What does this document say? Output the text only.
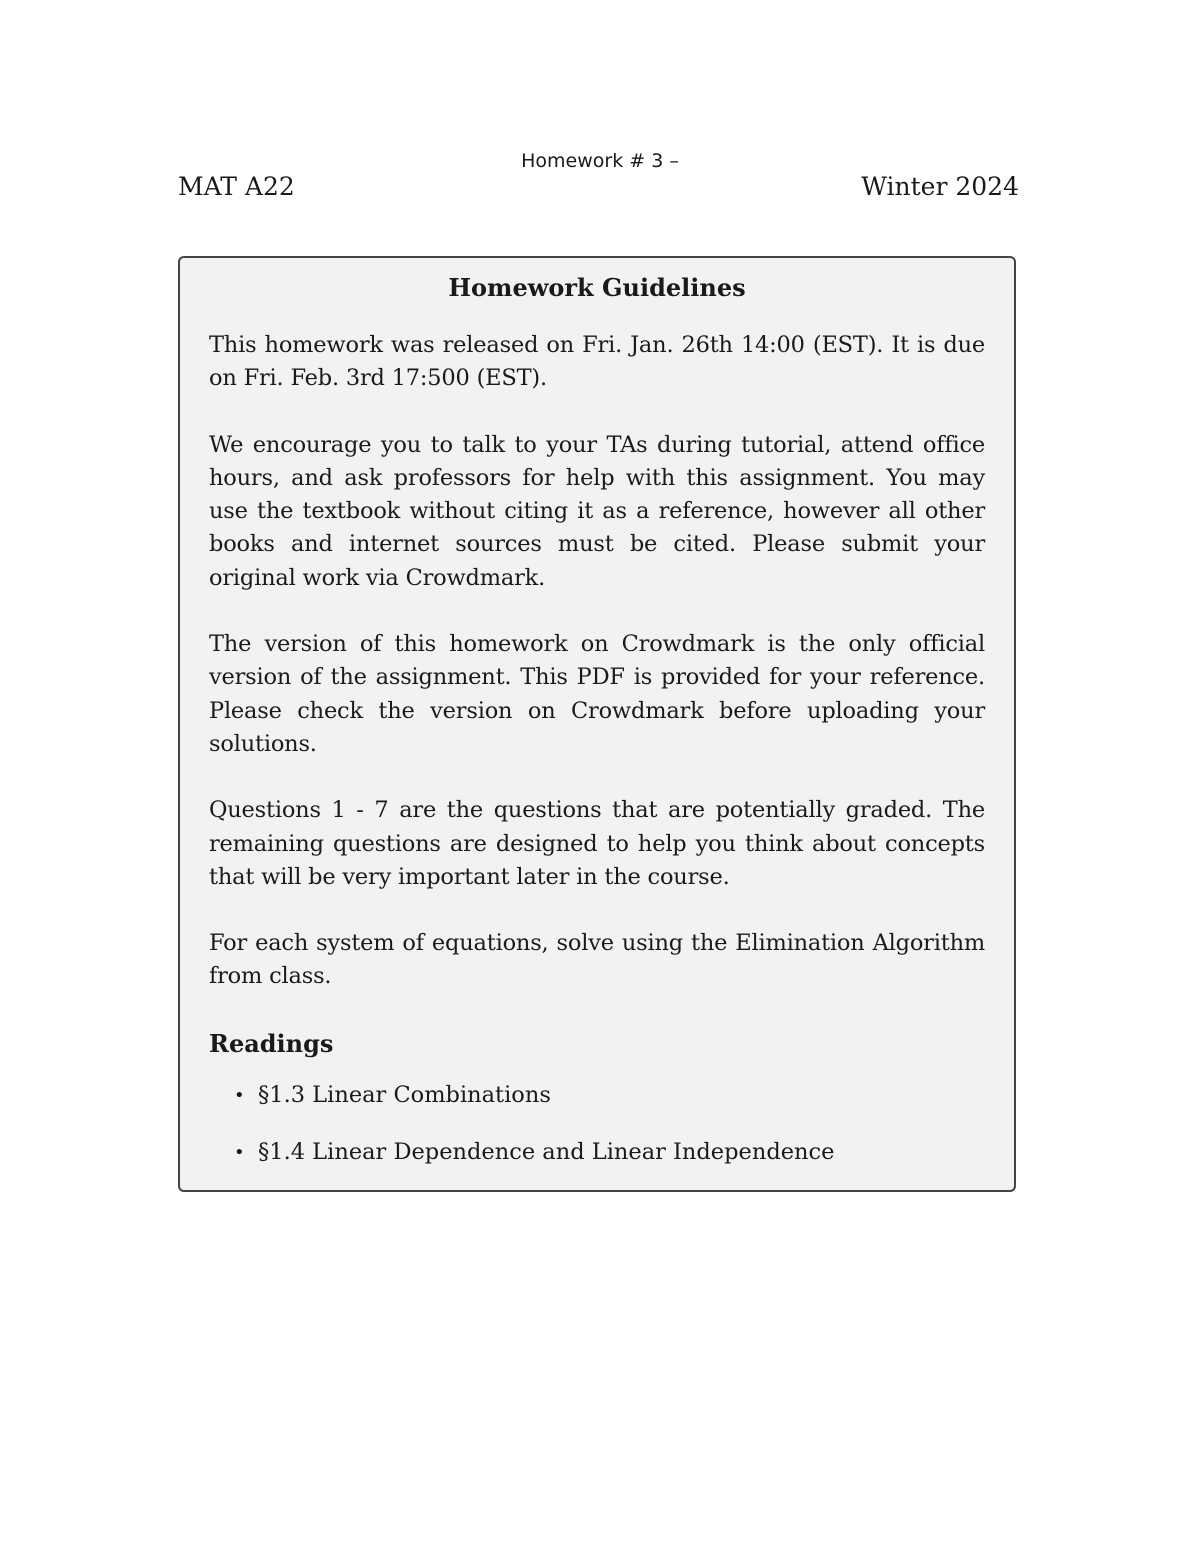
Homework # 3 –
MAT A22	Winter 2024
Homework Guidelines

This homework was released on Fri. Jan. 26th 14:00 (EST). It is due on Fri. Feb. 3rd 17:500 (EST).

We encourage you to talk to your TAs during tutorial, attend office hours, and ask professors for help with this assignment. You may use the textbook without citing it as a reference, however all other books and internet sources must be cited. Please submit your original work via Crowdmark.

The version of this homework on Crowdmark is the only official version of the assignment. This PDF is provided for your reference. Please check the version on Crowdmark before uploading your solutions.

Questions 1 - 7 are the questions that are potentially graded. The remaining questions are designed to help you think about concepts that will be very important later in the course.

For each system of equations, solve using the Elimination Algorithm from class.

Readings
• §1.3 Linear Combinations
• §1.4 Linear Dependence and Linear Independence
